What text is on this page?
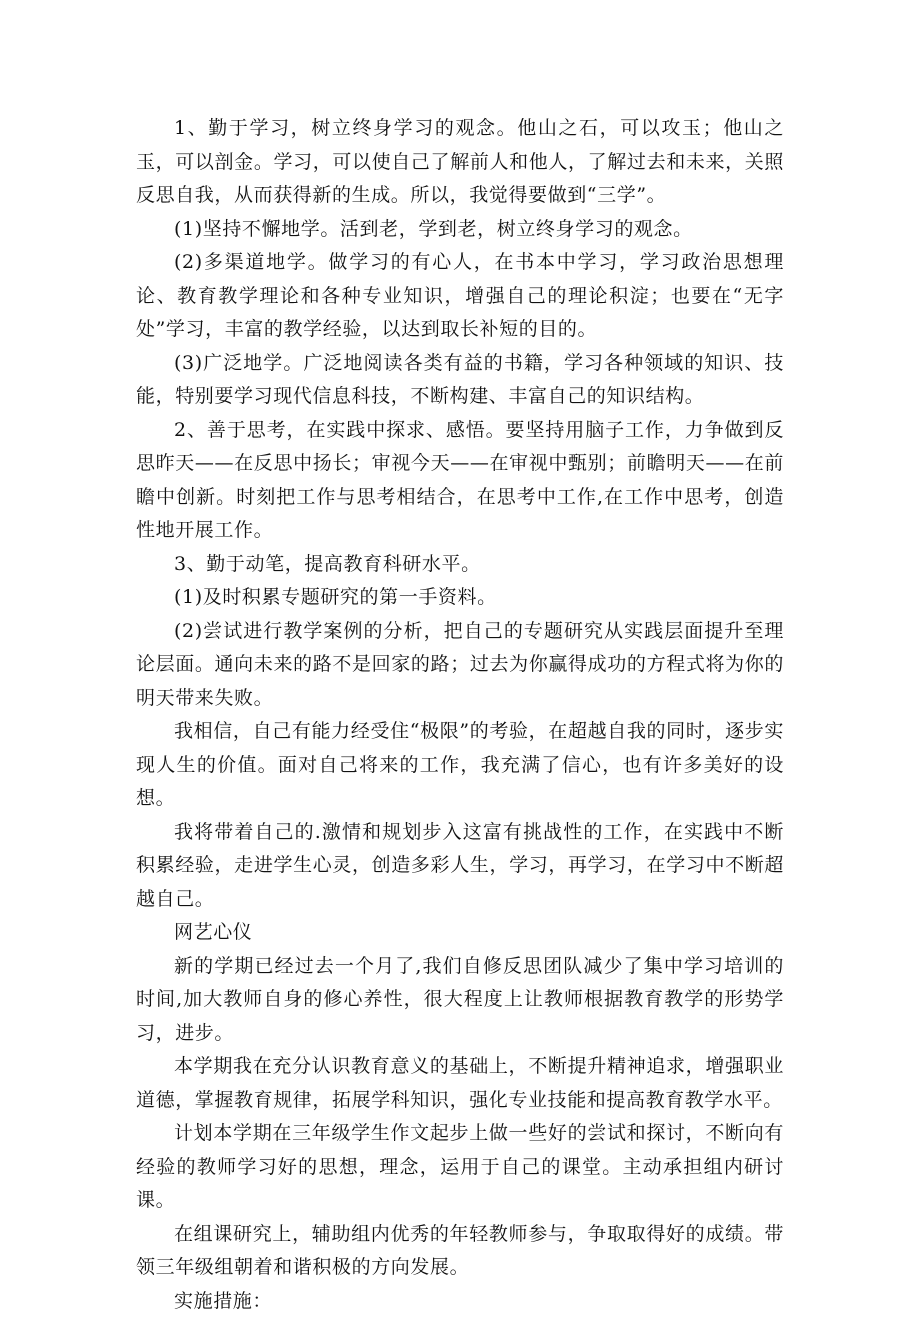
1、勤于学习，树立终身学习的观念。他山之石，可以攻玉；他山之玉，可以剖金。学习，可以使自己了解前人和他人，了解过去和未来，关照反思自我，从而获得新的生成。所以，我觉得要做到“三学”。

(1)坚持不懈地学。活到老，学到老，树立终身学习的观念。

(2)多渠道地学。做学习的有心人，在书本中学习，学习政治思想理论、教育教学理论和各种专业知识，增强自己的理论积淀；也要在“无字处”学习，丰富的教学经验，以达到取长补短的目的。

(3)广泛地学。广泛地阅读各类有益的书籍，学习各种领域的知识、技能，特别要学习现代信息科技，不断构建、丰富自己的知识结构。

2、善于思考，在实践中探求、感悟。要坚持用脑子工作，力争做到反思昨天——在反思中扬长；审视今天——在审视中甄别；前瞻明天——在前瞻中创新。时刻把工作与思考相结合，在思考中工作,在工作中思考，创造性地开展工作。

3、勤于动笔，提高教育科研水平。

(1)及时积累专题研究的第一手资料。

(2)尝试进行教学案例的分析，把自己的专题研究从实践层面提升至理论层面。通向未来的路不是回家的路；过去为你赢得成功的方程式将为你的明天带来失败。

我相信，自己有能力经受住“极限”的考验，在超越自我的同时，逐步实现人生的价值。面对自己将来的工作，我充满了信心，也有许多美好的设想。

我将带着自己的.激情和规划步入这富有挑战性的工作，在实践中不断积累经验，走进学生心灵，创造多彩人生，学习，再学习，在学习中不断超越自己。

网艺心仪

新的学期已经过去一个月了,我们自修反思团队减少了集中学习培训的时间,加大教师自身的修心养性，很大程度上让教师根据教育教学的形势学习，进步。

本学期我在充分认识教育意义的基础上，不断提升精神追求，增强职业道德，掌握教育规律，拓展学科知识，强化专业技能和提高教育教学水平。

计划本学期在三年级学生作文起步上做一些好的尝试和探讨，不断向有经验的教师学习好的思想，理念，运用于自己的课堂。主动承担组内研讨课。

在组课研究上，辅助组内优秀的年轻教师参与，争取取得好的成绩。带领三年级组朝着和谐积极的方向发展。

实施措施：
